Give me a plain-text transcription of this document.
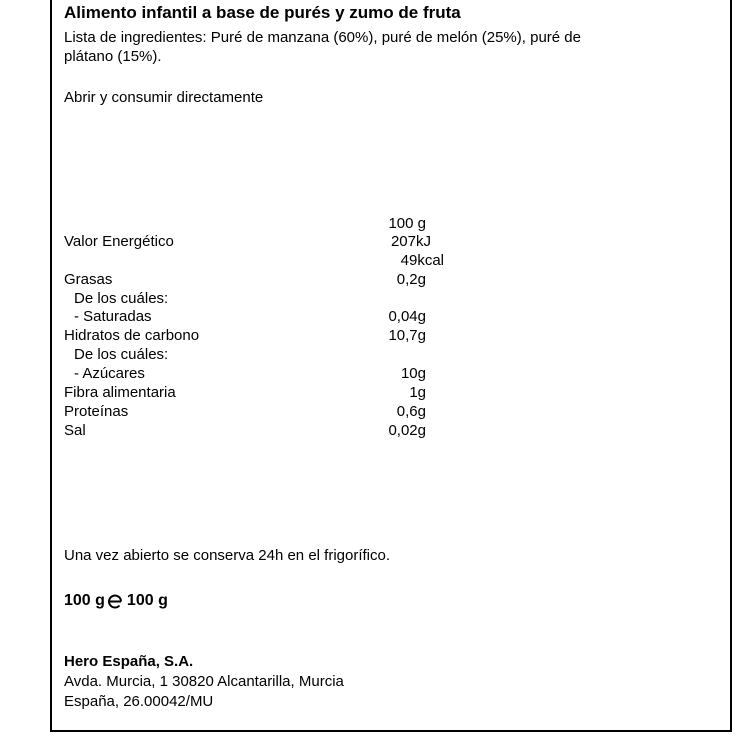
Alimento infantil a base de purés y zumo de fruta
Lista de ingredientes: Puré de manzana (60%), puré de melón (25%), puré de
plátano (15%).
Abrir y consumir directamente
100 g
Valor Energético	207kJ
49kcal
Grasas	0,2g
De los cuáles:
- Saturadas	0,04g
Hidratos de carbono	10,7g
De los cuáles:
- Azúcares	10g
Fibra alimentaria	1g
Proteínas	0,6g
Sal	0,02g
Una vez abierto se conserva 24h en el frigorífico.
100 g 100 g
Hero España, S.A.
Avda. Murcia, 1 30820 Alcantarilla, Murcia
España, 26.00042/MU
